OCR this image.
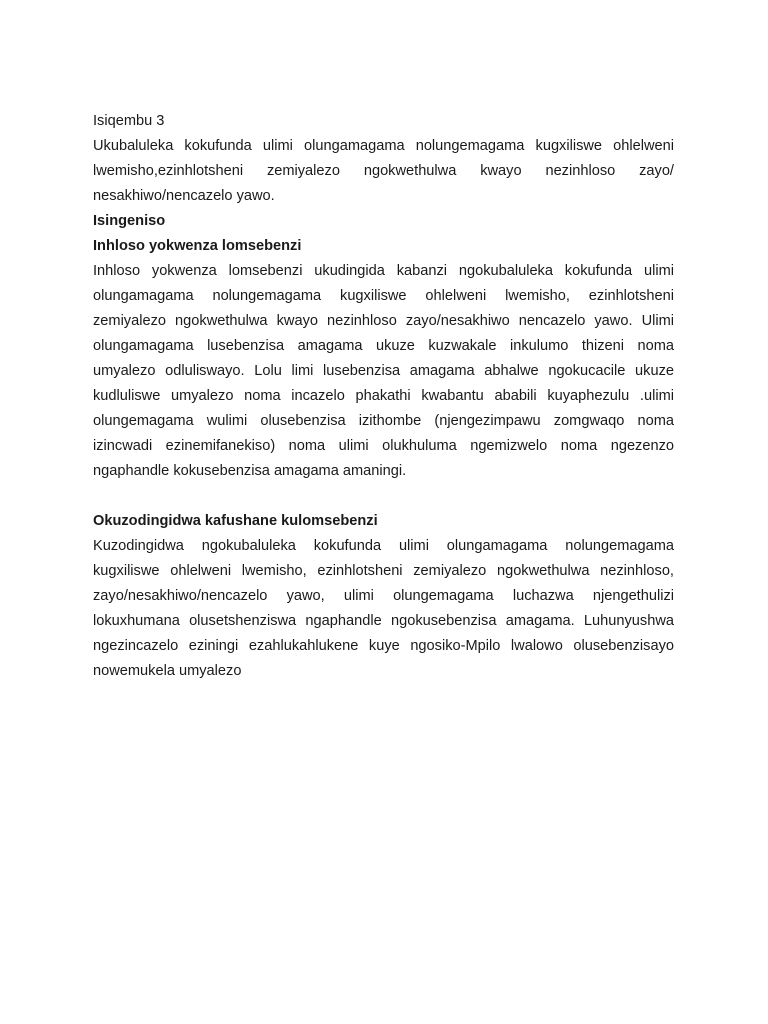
Isiqembu 3

Ukubaluleka kokufunda ulimi olungamagama nolungemagama kugxiliswe ohlelweni lwemisho,ezinhlotsheni zemiyalezo ngokwethulwa kwayo nezinhloso zayo/ nesakhiwo/nencazelo yawo.

Isingeniso

Inhloso yokwenza lomsebenzi

Inhloso yokwenza lomsebenzi ukudingida kabanzi ngokubaluleka kokufunda ulimi olungamagama nolungemagama kugxiliswe ohlelweni lwemisho, ezinhlotsheni zemiyalezo ngokwethulwa kwayo nezinhloso zayo/nesakhiwo nencazelo yawo. Ulimi olungamagama lusebenzisa amagama ukuze kuzwakale inkulumo thizeni noma umyalezo odluliswayo. Lolu limi lusebenzisa amagama abhalwe ngokucacile ukuze kudluliswe umyalezo noma incazelo phakathi kwabantu ababili kuyaphezulu .ulimi olungemagama wulimi olusebenzisa izithombe (njengezimpawu zomgwaqo noma izincwadi ezinemifanekiso) noma ulimi olukhuluma ngemizwelo noma ngezenzo ngaphandle kokusebenzisa amagama amaningi.

Okuzodingidwa kafushane kulomsebenzi

Kuzodingidwa ngokubaluleka kokufunda ulimi olungamagama nolungemagama kugxiliswe ohlelweni lwemisho, ezinhlotsheni zemiyalezo ngokwethulwa nezinhloso, zayo/nesakhiwo/nencazelo yawo, ulimi olungemagama luchazwa njengethulizi lokuxhumana olusetshenziswa ngaphandle ngokusebenzisa amagama. Luhunyushwa ngezincazelo eziningi ezahlukahlukene kuye ngosiko-Mpilo lwalowo olusebenzisayo nowemukela umyalezo
